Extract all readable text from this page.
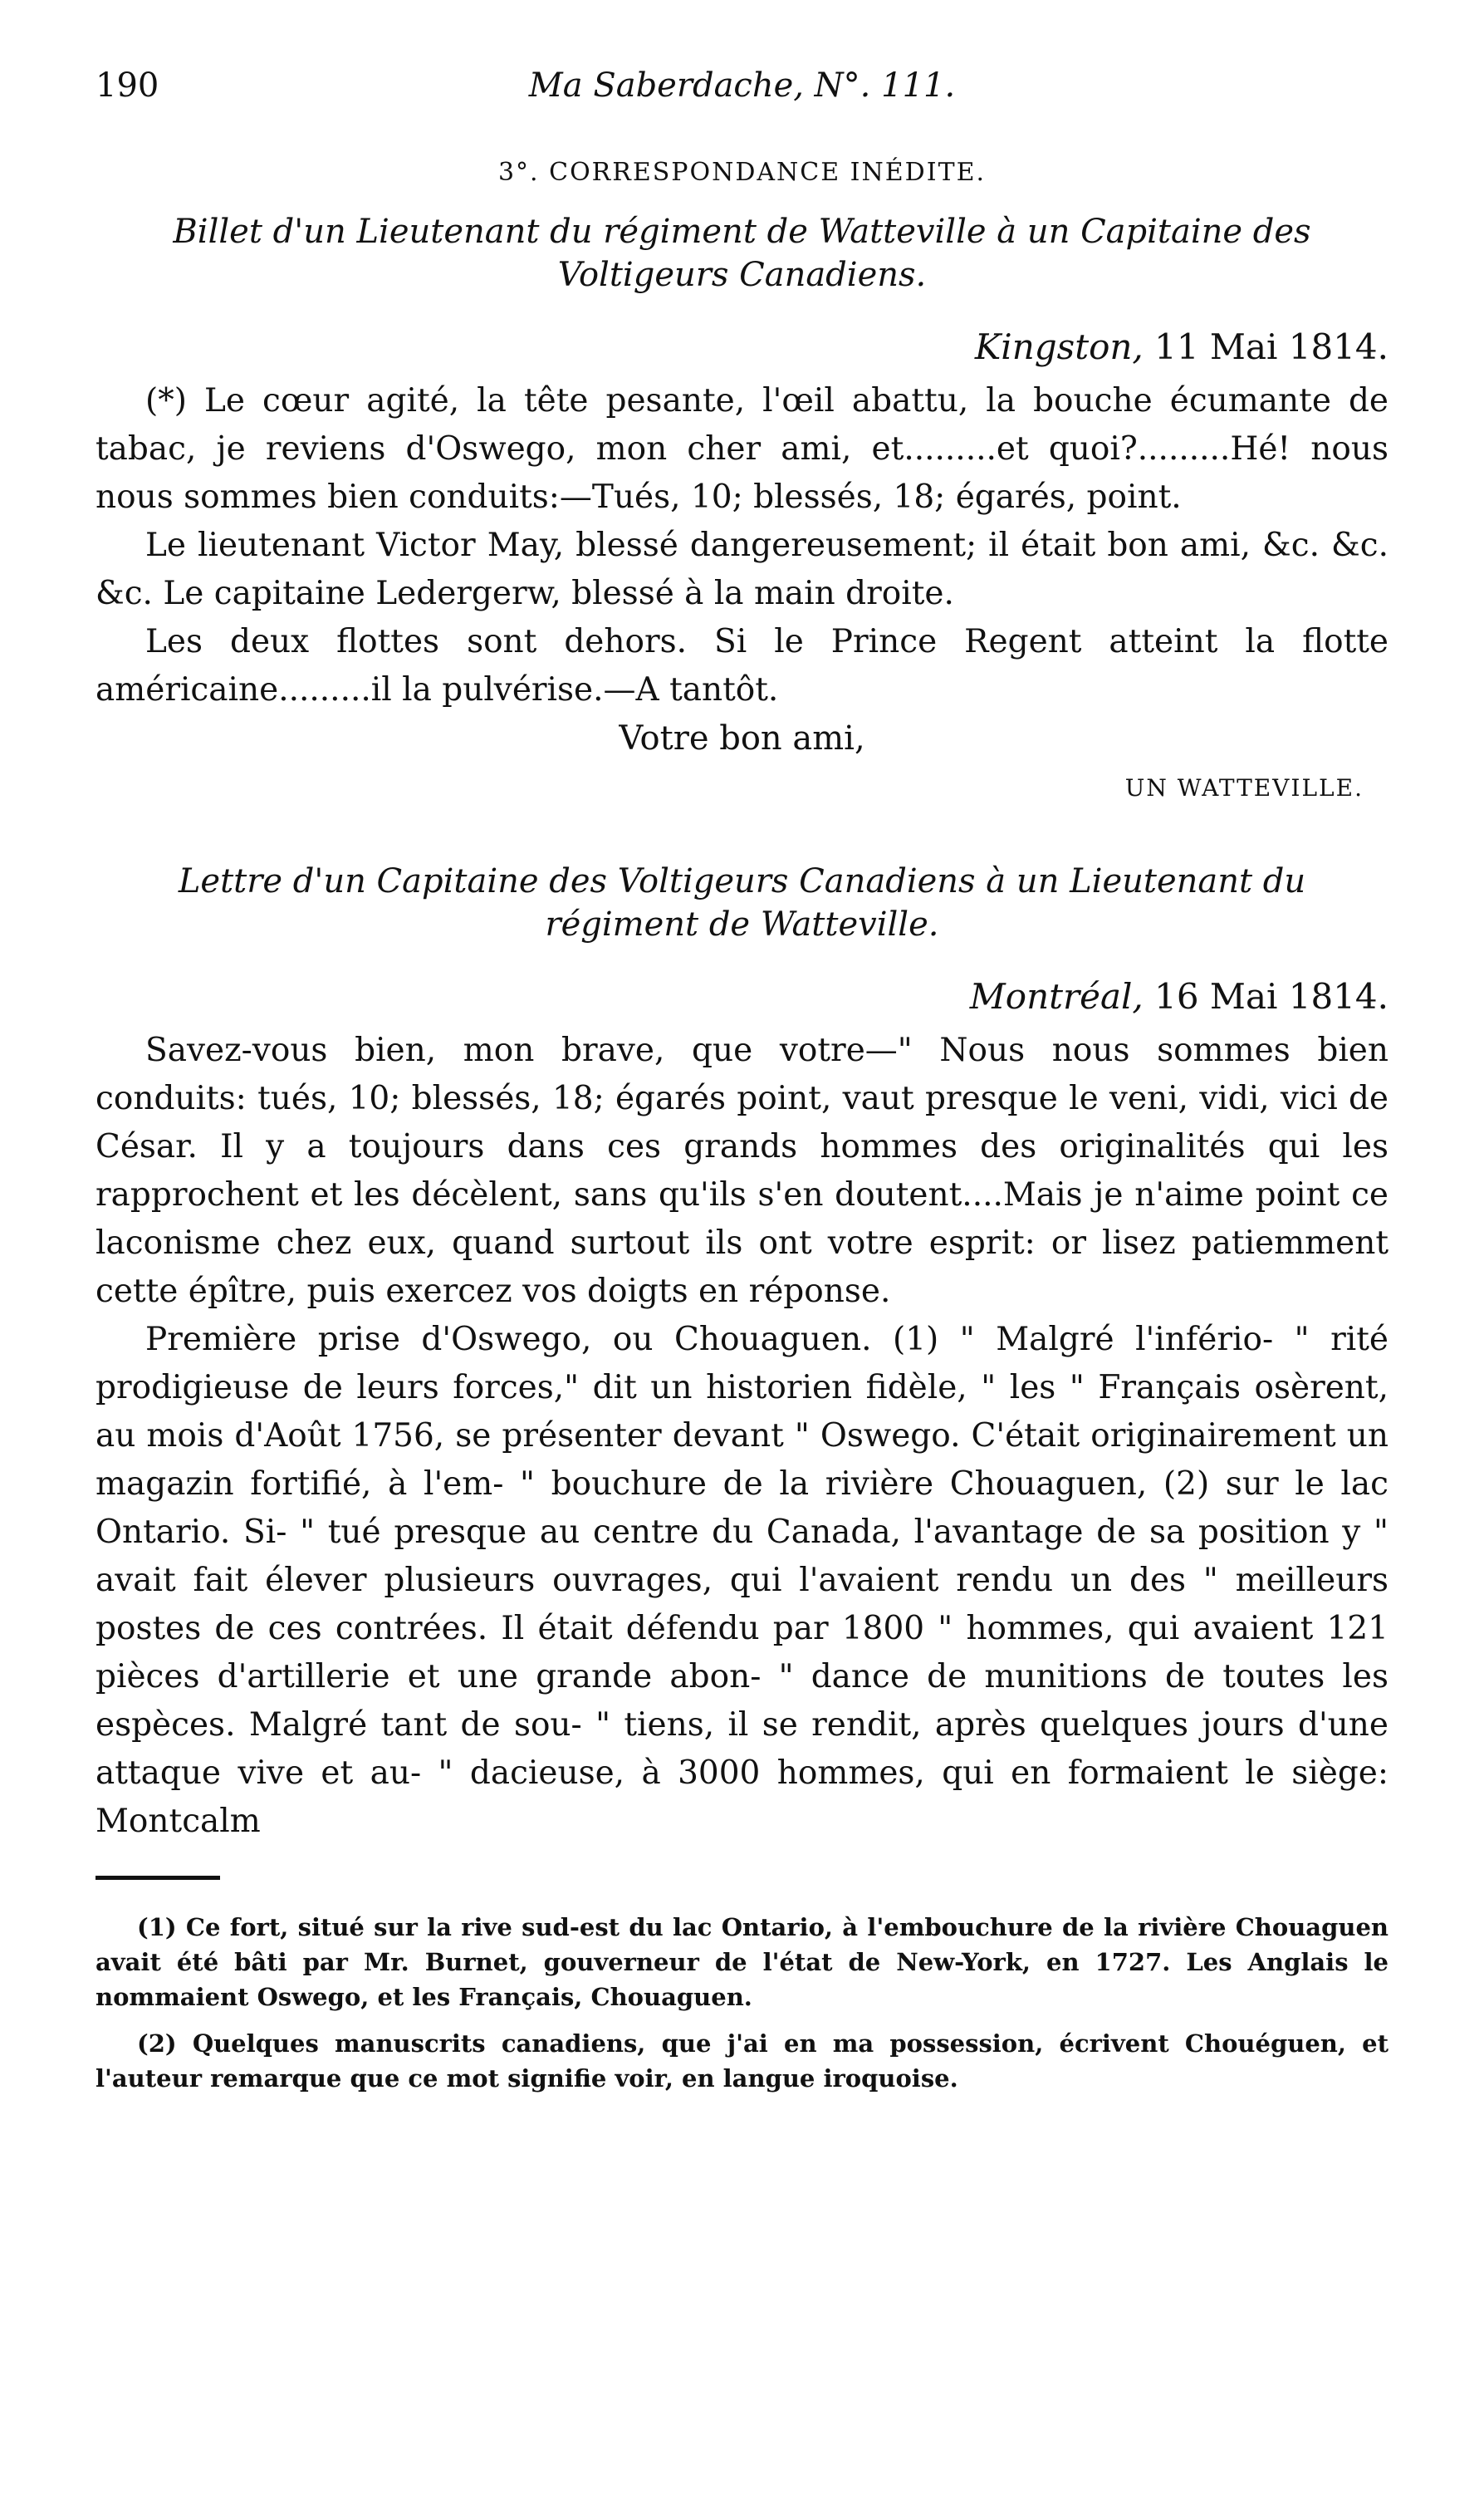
190	Ma Saberdache, N°. 111.
3°. CORRESPONDANCE INÉDITE.
Billet d'un Lieutenant du régiment de Watteville à un Capitaine des Voltigeurs Canadiens.
Kingston, 11 Mai 1814.

(*) Le cœur agité, la tête pesante, l'œil abattu, la bouche écumante de tabac, je reviens d'Oswego, mon cher ami, et.........et quoi?.........Hé! nous nous sommes bien conduits:—Tués, 10; blessés, 18; égarés, point.

Le lieutenant Victor May, blessé dangereusement; il était bon ami, &c. &c. &c. Le capitaine Ledergerw, blessé à la main droite.

Les deux flottes sont dehors. Si le Prince Regent atteint la flotte américaine.........il la pulvérise.—A tantôt.

Votre bon ami,

UN WATTEVILLE.
Lettre d'un Capitaine des Voltigeurs Canadiens à un Lieutenant du régiment de Watteville.
Montréal, 16 Mai 1814.

Savez-vous bien, mon brave, que votre—" Nous nous sommes bien conduits: tués, 10; blessés, 18; égarés point, vaut presque le veni, vidi, vici de César. Il y a toujours dans ces grands hommes des originalités qui les rapprochent et les décèlent, sans qu'ils s'en doutent....Mais je n'aime point ce laconisme chez eux, quand surtout ils ont votre esprit: or lisez patiemment cette épître, puis exercez vos doigts en réponse.

Première prise d'Oswego, ou Chouaguen. (1) " Malgré l'infério- " rité prodigieuse de leurs forces," dit un historien fidèle, " les " Français osèrent, au mois d'Août 1756, se présenter devant " Oswego. C'était originairement un magazin fortifié, à l'em- " bouchure de la rivière Chouaguen, (2) sur le lac Ontario. Si- " tué presque au centre du Canada, l'avantage de sa position y " avait fait élever plusieurs ouvrages, qui l'avaient rendu un des " meilleurs postes de ces contrées. Il était défendu par 1800 " hommes, qui avaient 121 pièces d'artillerie et une grande abon- " dance de munitions de toutes les espèces. Malgré tant de sou- " tiens, il se rendit, après quelques jours d'une attaque vive et au- " dacieuse, à 3000 hommes, qui en formaient le siège: Montcalm

(1) Ce fort, situé sur la rive sud-est du lac Ontario, à l'embouchure de la rivière Chouaguen avait été bâti par Mr. Burnet, gouverneur de l'état de New-York, en 1727. Les Anglais le nommaient Oswego, et les Français, Chouaguen.

(2) Quelques manuscrits canadiens, que j'ai en ma possession, écrivent Chouéguen, et l'auteur remarque que ce mot signifie voir, en langue iroquoise.
